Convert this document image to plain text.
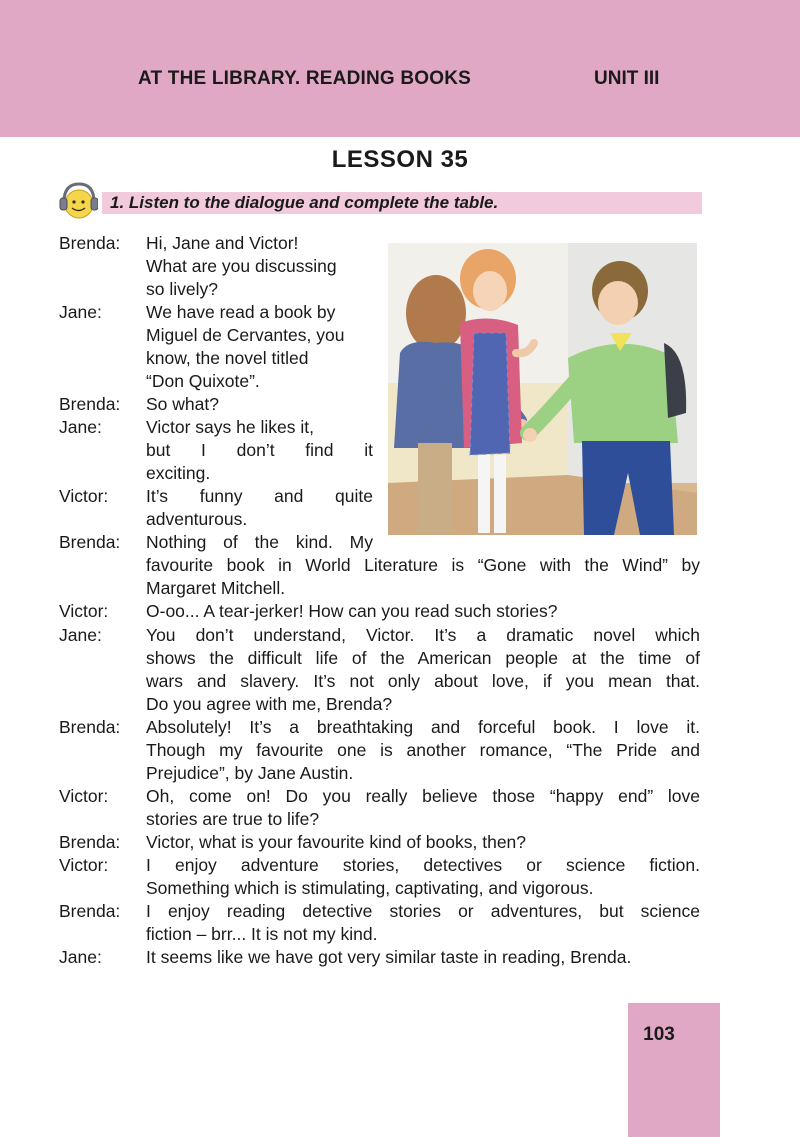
AT THE LIBRARY. READING BOOKS	UNIT III
LESSON 35
1. Listen to the dialogue and complete the table.
Brenda: Hi, Jane and Victor!
What are you discussing
so lively?
Jane:	We have read a book by
Miguel de Cervantes, you
know, the novel titled
“Don Quixote”.
Brenda: So what?
Jane:	Victor says he likes it,
but I don’t find it
exciting.
Victor: It’s funny and quite
adventurous.
Brenda: Nothing of the kind. My
favourite book in World Literature is “Gone with the Wind” by
Margaret Mitchell.
Victor: O-oo... A tear-jerker! How can you read such stories?
Jane:	You don’t understand, Victor. It’s a dramatic novel which
shows the difficult life of the American people at the time of
wars and slavery. It’s not only about love, if you mean that.
Do you agree with me, Brenda?
Brenda: Absolutely! It’s a breathtaking and forceful book. I love it.
Though my favourite one is another romance, “The Pride and
Prejudice”, by Jane Austin.
Victor: Oh, come on! Do you really believe those “happy end” love
stories are true to life?
Brenda: Victor, what is your favourite kind of books, then?
Victor: I enjoy adventure stories, detectives or science fiction.
Something which is stimulating, captivating, and vigorous.
Brenda: I enjoy reading detective stories or adventures, but science
fiction – brr... It is not my kind.
Jane:	It seems like we have got very similar taste in reading, Brenda.
103
